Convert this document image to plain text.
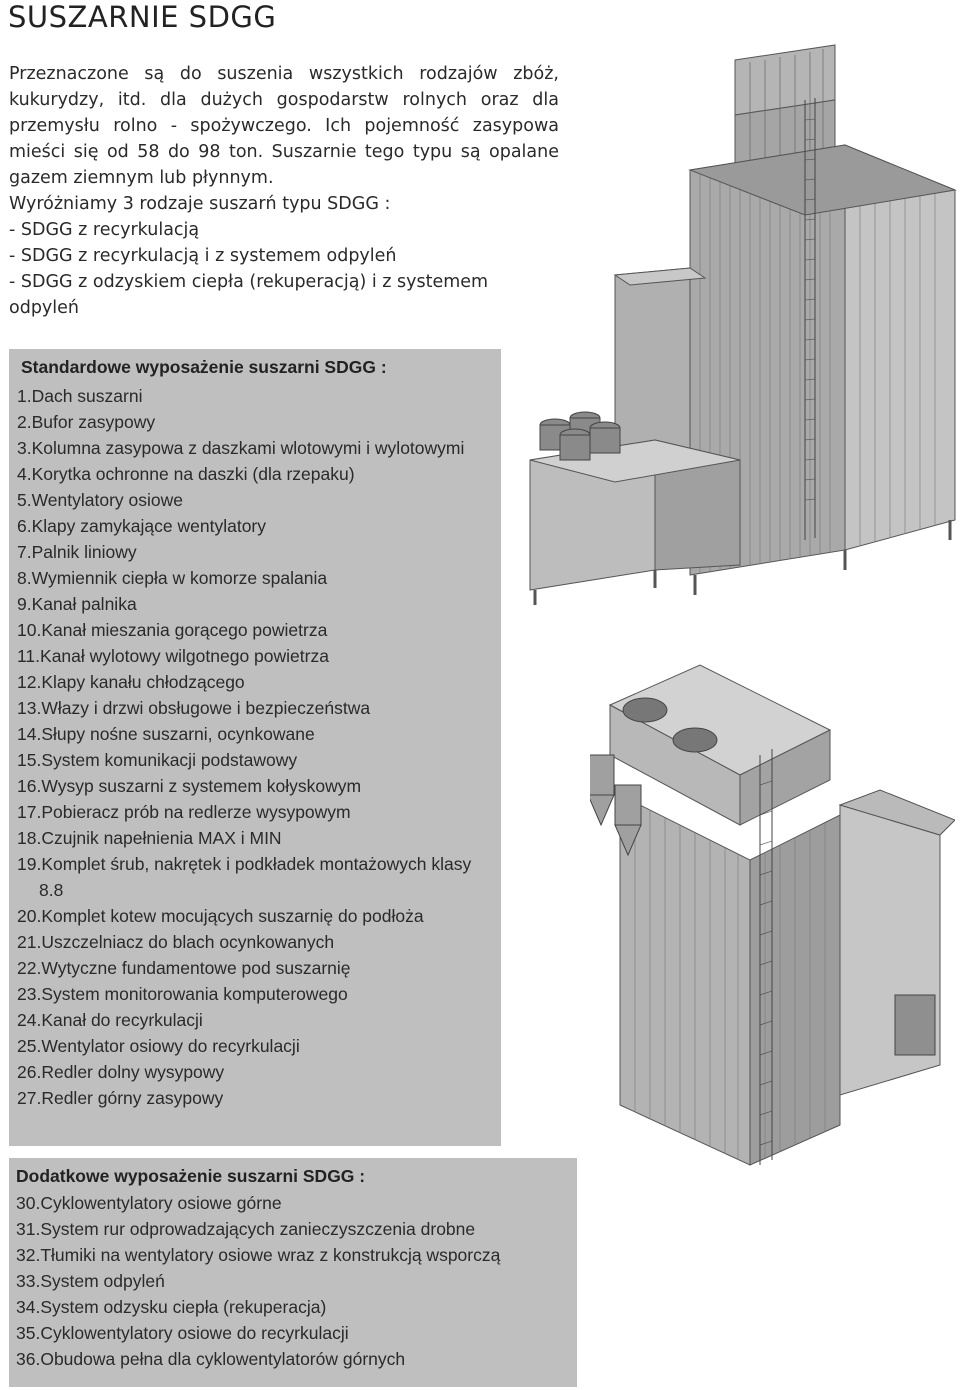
SUSZARNIE SDGG
Przeznaczone są do suszenia wszystkich rodzajów zbóż,
kukurydzy, itd. dla dużych gospodarstw rolnych oraz dla
przemysłu rolno - spożywczego. Ich pojemność zasypowa
mieści się od 58 do 98 ton. Suszarnie tego typu są opalane
gazem ziemnym lub płynnym.
Wyróżniamy 3 rodzaje suszarń typu SDGG :
- SDGG z recyrkulacją
- SDGG z recyrkulacją i z systemem odpyleń
- SDGG z odzyskiem ciepła (rekuperacją) i z systemem odpyleń
Standardowe wyposażenie suszarni SDGG :
1.Dach suszarni
2.Bufor zasypowy
3.Kolumna zasypowa z daszkami wlotowymi i wylotowymi
4.Korytka ochronne na daszki (dla rzepaku)
5.Wentylatory osiowe
6.Klapy zamykające wentylatory
7.Palnik liniowy
8.Wymiennik ciepła w komorze spalania
9.Kanał palnika
10.Kanał mieszania gorącego powietrza
11.Kanał wylotowy wilgotnego powietrza
12.Klapy kanału chłodzącego
13.Włazy i drzwi obsługowe i bezpieczeństwa
14.Słupy nośne suszarni, ocynkowane
15.System komunikacji podstawowy
16.Wysyp suszarni z systemem kołyskowym
17.Pobieracz prób na redlerze wysypowym
18.Czujnik napełnienia MAX i MIN
19.Komplet śrub, nakrętek i podkładek montażowych klasy 8.8
20.Komplet kotew mocujących suszarnię do podłoża
21.Uszczelniacz do blach ocynkowanych
22.Wytyczne fundamentowe pod suszarnię
23.System monitorowania komputerowego
24.Kanał do recyrkulacji
25.Wentylator osiowy do recyrkulacji
26.Redler dolny wysypowy
27.Redler górny zasypowy
Dodatkowe wyposażenie suszarni SDGG :
30.Cyklowentylatory osiowe górne
31.System rur odprowadzających zanieczyszczenia drobne
32.Tłumiki na wentylatory osiowe wraz z konstrukcją wsporczą
33.System odpyleń
34.System odzysku ciepła (rekuperacja)
35.Cyklowentylatory osiowe do recyrkulacji
36.Obudowa pełna dla cyklowentylatorów górnych
